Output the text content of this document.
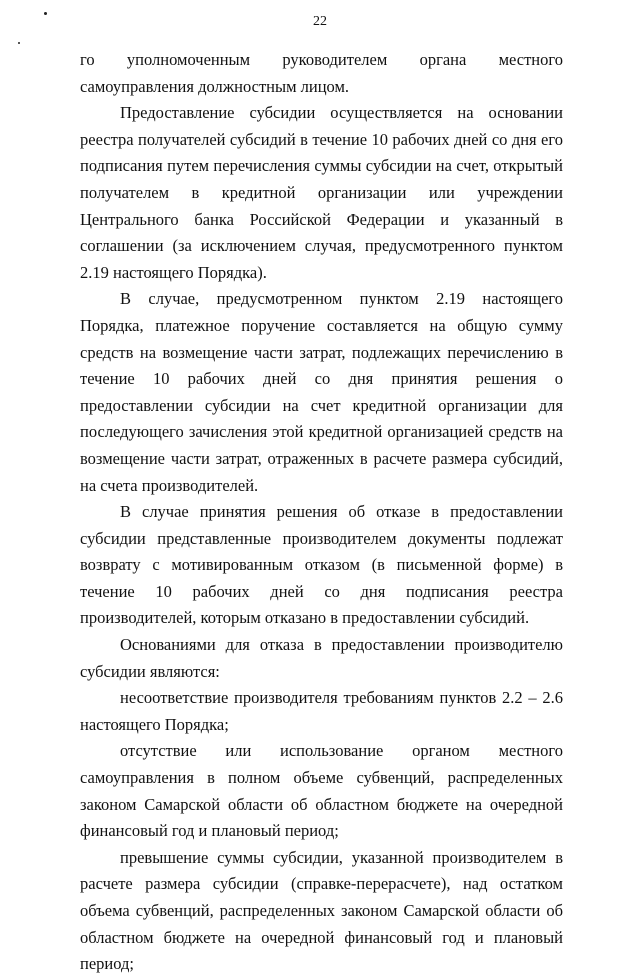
22

го уполномоченным руководителем органа местного самоуправления должностным лицом.

Предоставление субсидии осуществляется на основании реестра получателей субсидий в течение 10 рабочих дней со дня его подписания путем перечисления суммы субсидии на счет, открытый получателем в кредитной организации или учреждении Центрального банка Российской Федерации и указанный в соглашении (за исключением случая, предусмотренного пунктом 2.19 настоящего Порядка).

В случае, предусмотренном пунктом 2.19 настоящего Порядка, платежное поручение составляется на общую сумму средств на возмещение части затрат, подлежащих перечислению в течение 10 рабочих дней со дня принятия решения о предоставлении субсидии на счет кредитной организации для последующего зачисления этой кредитной организацией средств на возмещение части затрат, отраженных в расчете размера субсидий, на счета производителей.

В случае принятия решения об отказе в предоставлении субсидии представленные производителем документы подлежат возврату с мотивированным отказом (в письменной форме) в течение 10 рабочих дней со дня подписания реестра производителей, которым отказано в предоставлении субсидий.

Основаниями для отказа в предоставлении производителю субсидии являются:

несоответствие производителя требованиям пунктов 2.2 – 2.6 настоящего Порядка;

отсутствие или использование органом местного самоуправления в полном объеме субвенций, распределенных законом Самарской области об областном бюджете на очередной финансовый год и плановый период;

превышение суммы субсидии, указанной производителем в расчете размера субсидии (справке-перерасчете), над остатком объема субвенций, распределенных законом Самарской области об областном бюджете на очередной финансовый год и плановый период;
